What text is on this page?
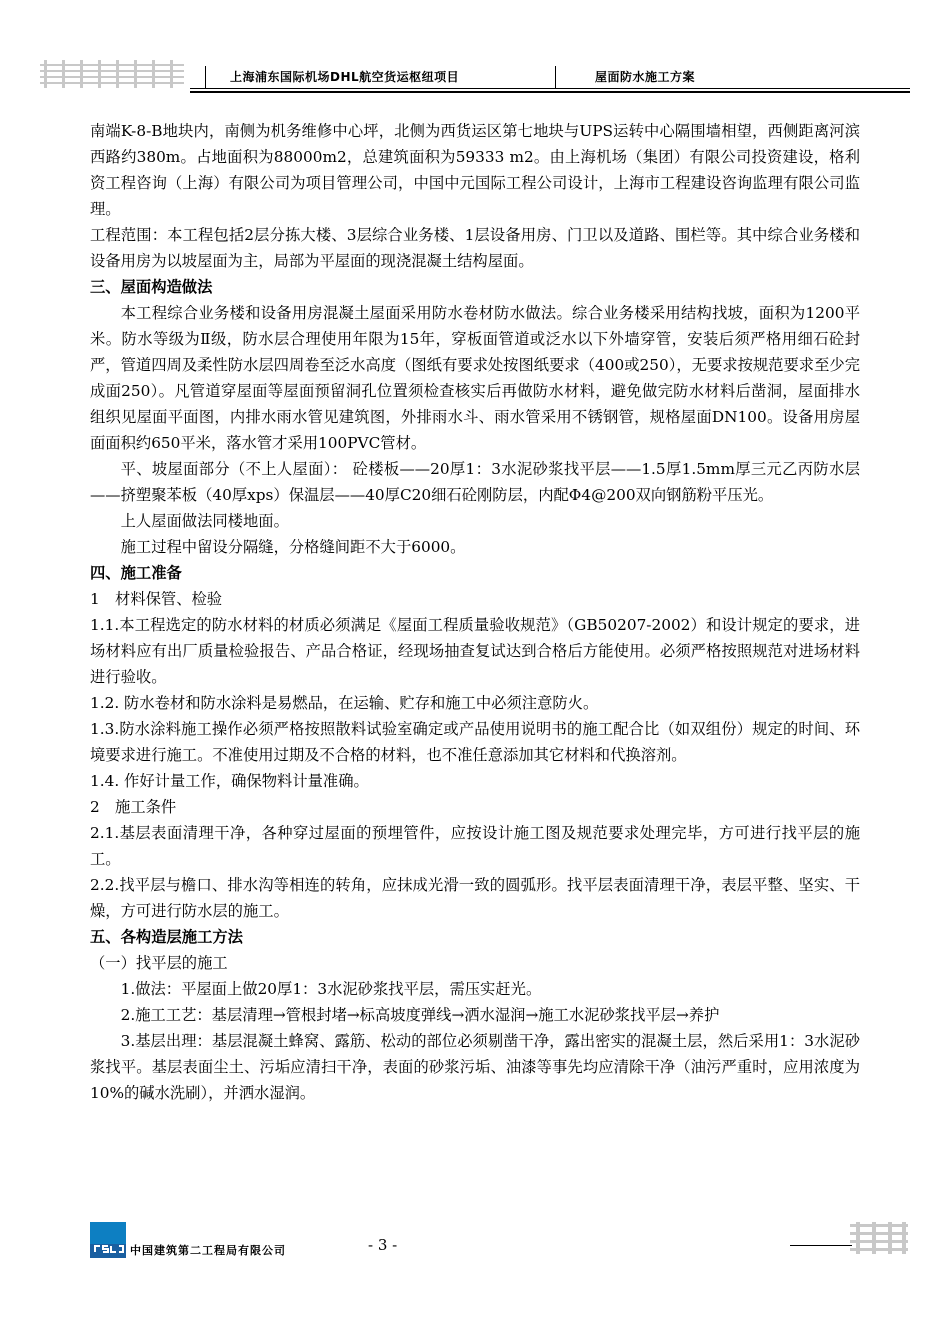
上海浦东国际机场DHL航空货运枢纽项目	屋面防水施工方案

南端K-8-B地块内，南侧为机务维修中心坪，北侧为西货运区第七地块与UPS运转中心隔围墙相望，西侧距离河滨西路约380m。占地面积为88000m2，总建筑面积为59333 m2。由上海机场（集团）有限公司投资建设，格利资工程咨询（上海）有限公司为项目管理公司，中国中元国际工程公司设计，上海市工程建设咨询监理有限公司监理。

工程范围：本工程包括2层分拣大楼、3层综合业务楼、1层设备用房、门卫以及道路、围栏等。其中综合业务楼和设备用房为以坡屋面为主，局部为平屋面的现浇混凝土结构屋面。

三、屋面构造做法

本工程综合业务楼和设备用房混凝土屋面采用防水卷材防水做法。综合业务楼采用结构找坡，面积为1200平米。防水等级为Ⅱ级，防水层合理使用年限为15年，穿板面管道或泛水以下外墙穿管，安装后须严格用细石砼封严，管道四周及柔性防水层四周卷至泛水高度（图纸有要求处按图纸要求（400或250），无要求按规范要求至少完成面250）。凡管道穿屋面等屋面预留洞孔位置须检查核实后再做防水材料，避免做完防水材料后凿洞，屋面排水组织见屋面平面图，内排水雨水管见建筑图，外排雨水斗、雨水管采用不锈钢管，规格屋面DN100。设备用房屋面面积约650平米，落水管才采用100PVC管材。

平、坡屋面部分（不上人屋面）： 砼楼板——20厚1：3水泥砂浆找平层——1.5厚1.5mm厚三元乙丙防水层——挤塑聚苯板（40厚xps）保温层——40厚C20细石砼刚防层，内配Φ4@200双向钢筋粉平压光。

上人屋面做法同楼地面。

施工过程中留设分隔缝，分格缝间距不大于6000。

四、施工准备

1　材料保管、检验

1.1.本工程选定的防水材料的材质必须满足《屋面工程质量验收规范》（GB50207-2002）和设计规定的要求，进场材料应有出厂质量检验报告、产品合格证，经现场抽查复试达到合格后方能使用。必须严格按照规范对进场材料进行验收。

1.2. 防水卷材和防水涂料是易燃品，在运输、贮存和施工中必须注意防火。

1.3.防水涂料施工操作必须严格按照散料试验室确定或产品使用说明书的施工配合比（如双组份）规定的时间、环境要求进行施工。不准使用过期及不合格的材料，也不准任意添加其它材料和代换溶剂。

1.4. 作好计量工作，确保物料计量准确。

2　施工条件

2.1.基层表面清理干净，各种穿过屋面的预埋管件，应按设计施工图及规范要求处理完毕，方可进行找平层的施工。

2.2.找平层与檐口、排水沟等相连的转角，应抹成光滑一致的圆弧形。找平层表面清理干净，表层平整、坚实、干燥，方可进行防水层的施工。

五、各构造层施工方法

（一）找平层的施工

1.做法：平屋面上做20厚1：3水泥砂浆找平层，需压实赶光。

2.施工工艺：基层清理→管根封堵→标高坡度弹线→洒水湿润→施工水泥砂浆找平层→养护

3.基层出理：基层混凝土蜂窝、露筋、松动的部位必须剔凿干净，露出密实的混凝土层，然后采用1：3水泥砂浆找平。基层表面尘土、污垢应清扫干净，表面的砂浆污垢、油漆等事先均应清除干净（油污严重时，应用浓度为10%的碱水洗刷），并洒水湿润。

中国建筑第二工程局有限公司	- 3 -
